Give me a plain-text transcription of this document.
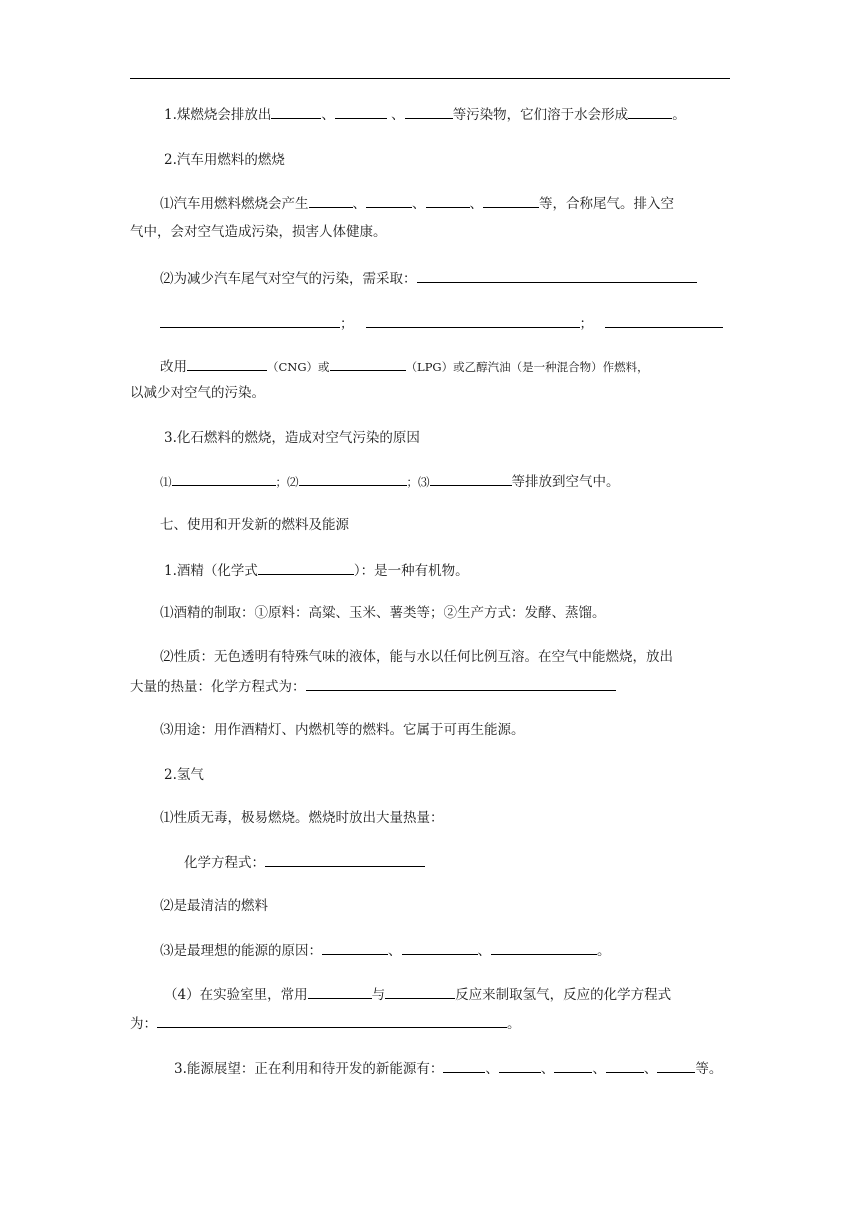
1.煤燃烧会排放出	、	、	等污染物，它们溶于水会形成	。
2.汽车用燃料的燃烧
⑴汽车用燃料燃烧会产生	、	、	、	等，合称尾气。排入空
气中，会对空气造成污染，损害人体健康。
⑵为减少汽车尾气对空气的污染，需采取：
；	；
改用	（CNG）或	（LPG）或乙醇汽油（是一种混合物）作燃料，
以减少对空气的污染。
3.化石燃料的燃烧，造成对空气污染的原因
⑴	；⑵	；⑶	等排放到空气中。
七、使用和开发新的燃料及能源
1.酒精（化学式	）：是一种有机物。
⑴酒精的制取：①原料：高粱、玉米、薯类等；②生产方式：发酵、蒸馏。
⑵性质：无色透明有特殊气味的液体，能与水以任何比例互溶。在空气中能燃烧，放出
大量的热量：化学方程式为：
⑶用途：用作酒精灯、内燃机等的燃料。它属于可再生能源。
2.氢气
⑴性质无毒，极易燃烧。燃烧时放出大量热量：
化学方程式：
⑵是最清洁的燃料
⑶是最理想的能源的原因：	、	、	。
（4）在实验室里，常用	与	反应来制取氢气，反应的化学方程式
为：	。
3.能源展望：正在利用和待开发的新能源有：	、	、	、	、	等。
